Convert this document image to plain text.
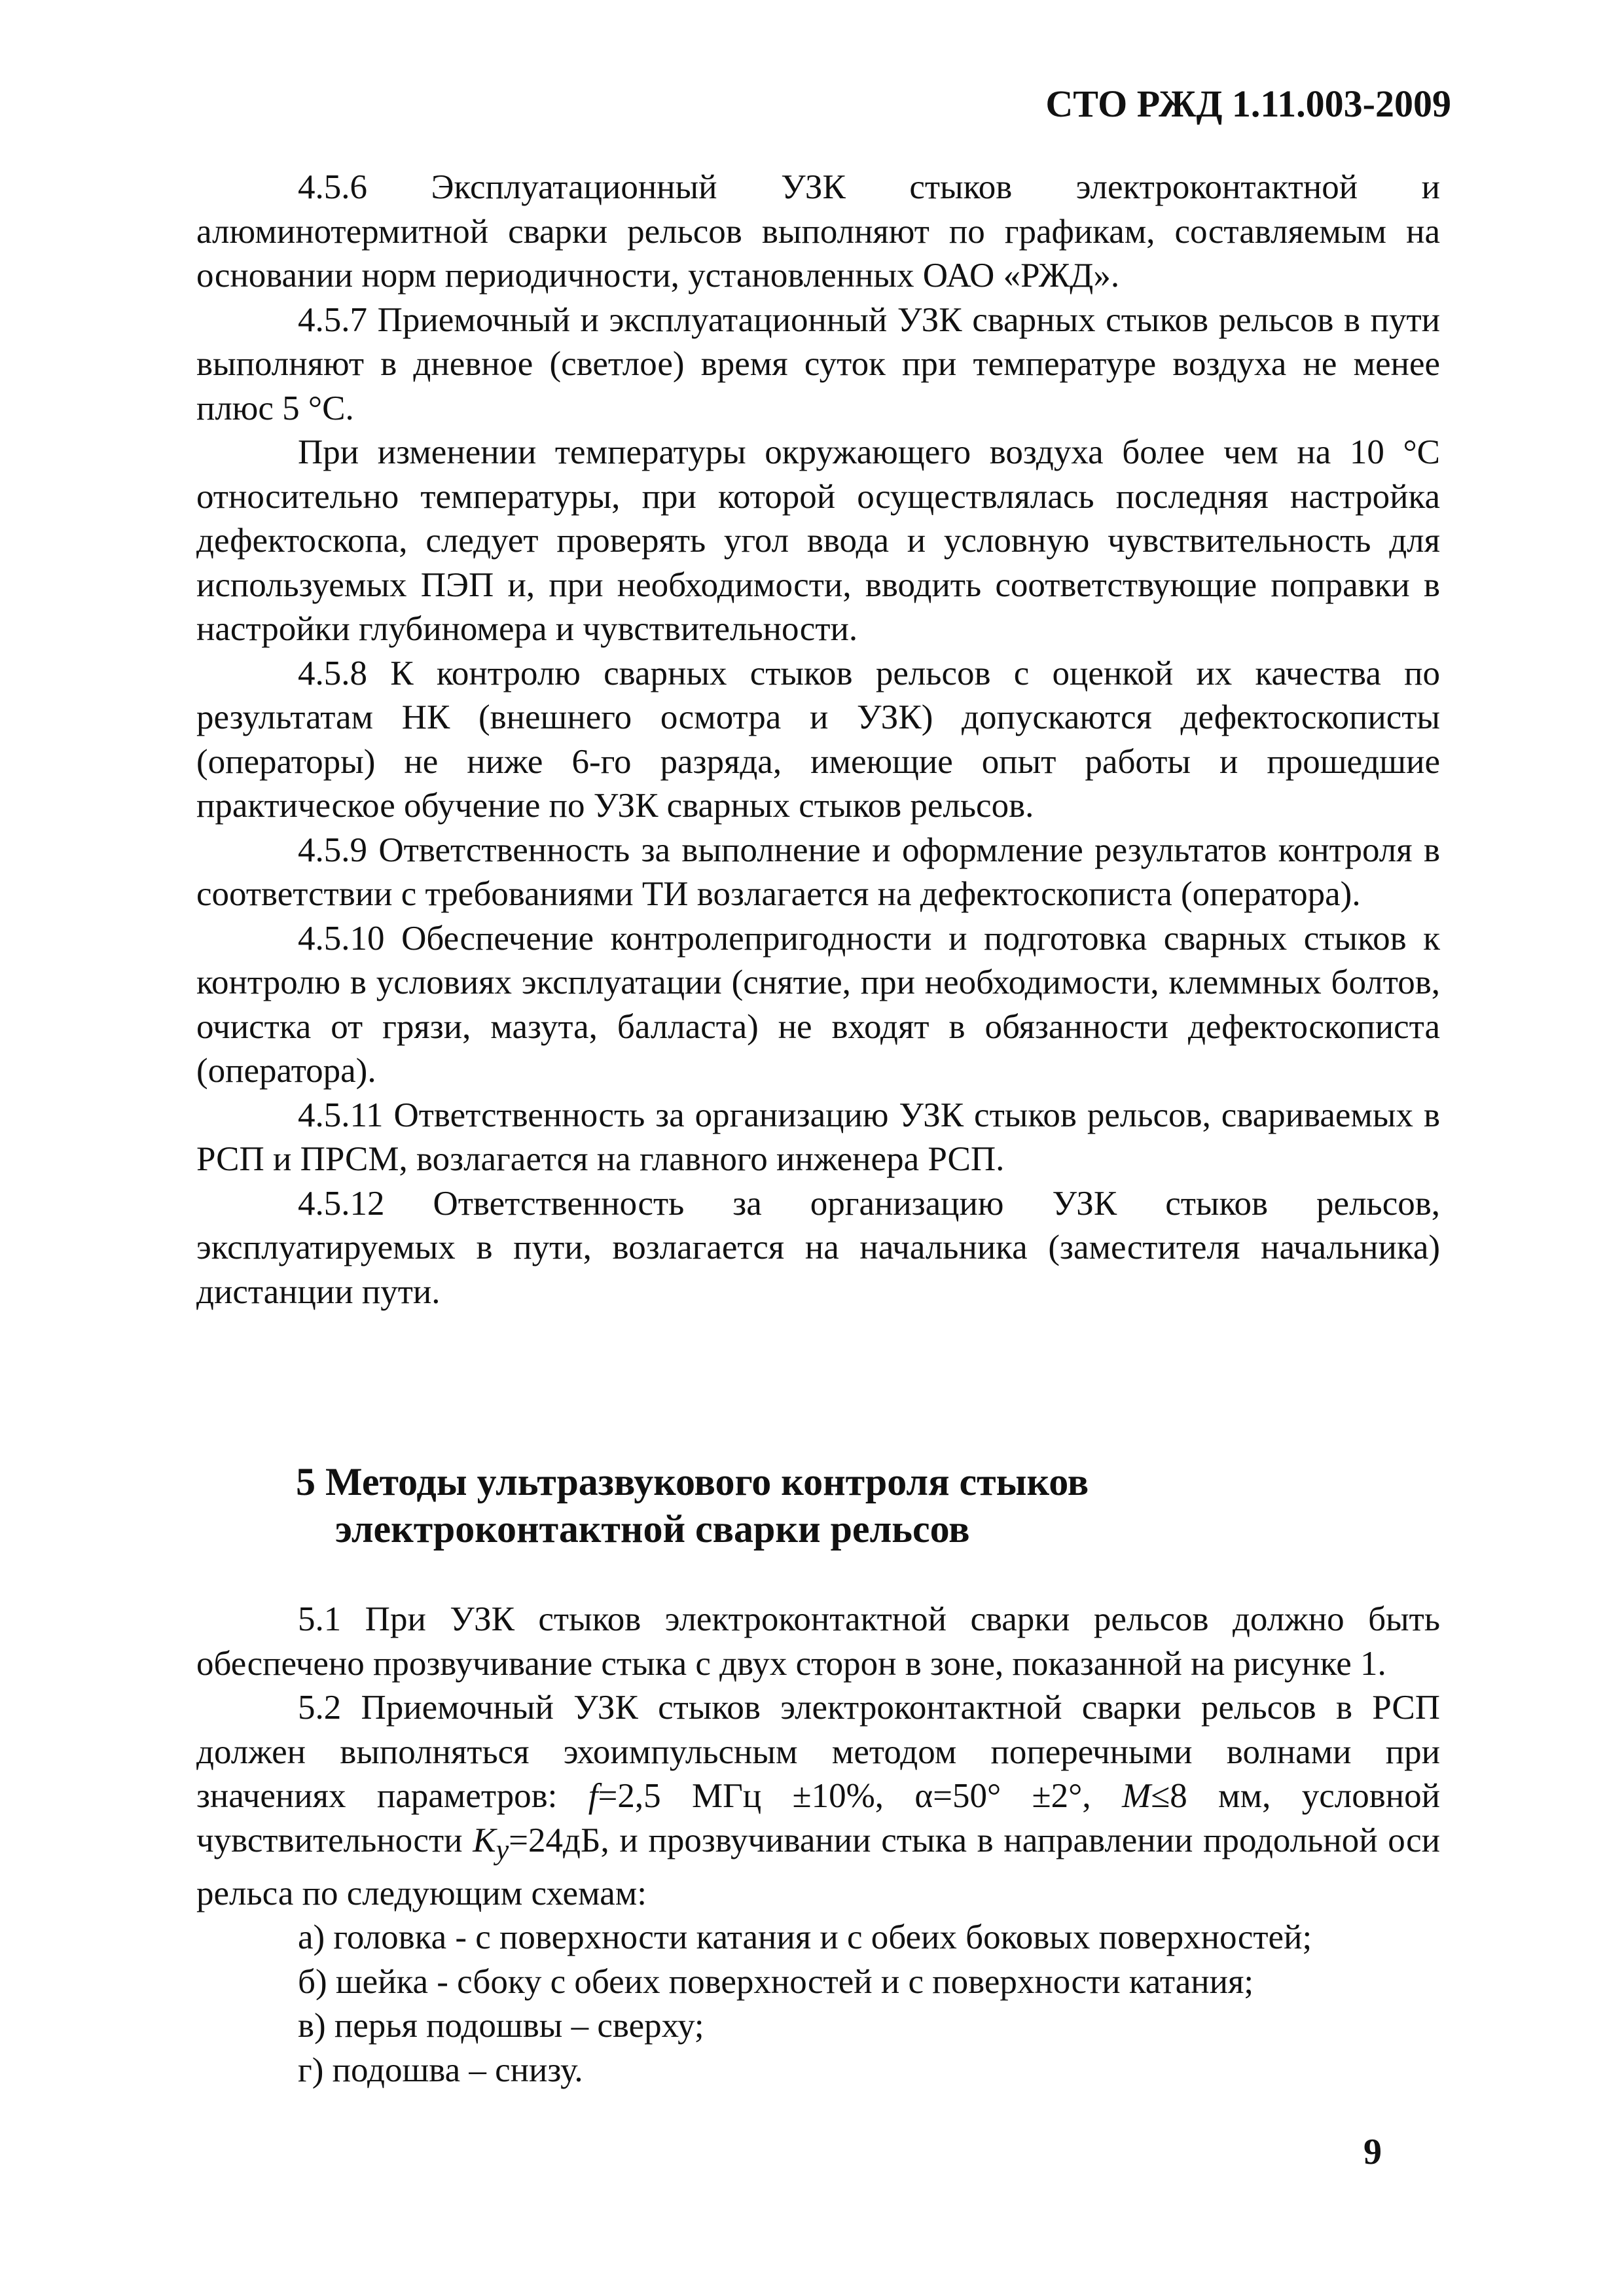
СТО РЖД 1.11.003-2009

4.5.6 Эксплуатационный УЗК стыков электроконтактной и алюминотермитной сварки рельсов выполняют по графикам, составляемым на основании норм периодичности, установленных ОАО «РЖД».

4.5.7 Приемочный и эксплуатационный УЗК сварных стыков рельсов в пути выполняют в дневное (светлое) время суток при температуре воздуха не менее плюс 5 °С.

При изменении температуры окружающего воздуха более чем на 10 °С относительно температуры, при которой осуществлялась последняя настройка дефектоскопа, следует проверять угол ввода и условную чувствительность для используемых ПЭП и, при необходимости, вводить соответствующие поправки в настройки глубиномера и чувствительности.

4.5.8 К контролю сварных стыков рельсов с оценкой их качества по результатам НК (внешнего осмотра и УЗК) допускаются дефектоскописты (операторы) не ниже 6-го разряда, имеющие опыт работы и прошедшие практическое обучение по УЗК сварных стыков рельсов.

4.5.9 Ответственность за выполнение и оформление результатов контроля в соответствии с требованиями ТИ возлагается на дефектоскописта (оператора).

4.5.10 Обеспечение контролепригодности и подготовка сварных стыков к контролю в условиях эксплуатации (снятие, при необходимости, клеммных болтов, очистка от грязи, мазута, балласта) не входят в обязанности дефектоскописта (оператора).

4.5.11 Ответственность за организацию УЗК стыков рельсов, свариваемых в РСП и ПРСМ, возлагается на главного инженера РСП.

4.5.12 Ответственность за организацию УЗК стыков рельсов, эксплуатируемых в пути, возлагается на начальника (заместителя начальника) дистанции пути.

5 Методы ультразвукового контроля стыков
электроконтактной сварки рельсов

5.1 При УЗК стыков электроконтактной сварки рельсов должно быть обеспечено прозвучивание стыка с двух сторон в зоне, показанной на рисунке 1.

5.2 Приемочный УЗК стыков электроконтактной сварки рельсов в РСП должен выполняться эхоимпульсным методом поперечными волнами при значениях параметров: f=2,5 МГц ±10%, α=50° ±2°, M≤8 мм, условной чувствительности $K_y=24дБ$, и прозвучивании стыка в направлении продольной оси рельса по следующим схемам:

а) головка - с поверхности катания и с обеих боковых поверхностей;

б) шейка - сбоку с обеих поверхностей и с поверхности катания;

в) перья подошвы – сверху;

г) подошва – снизу.

9
